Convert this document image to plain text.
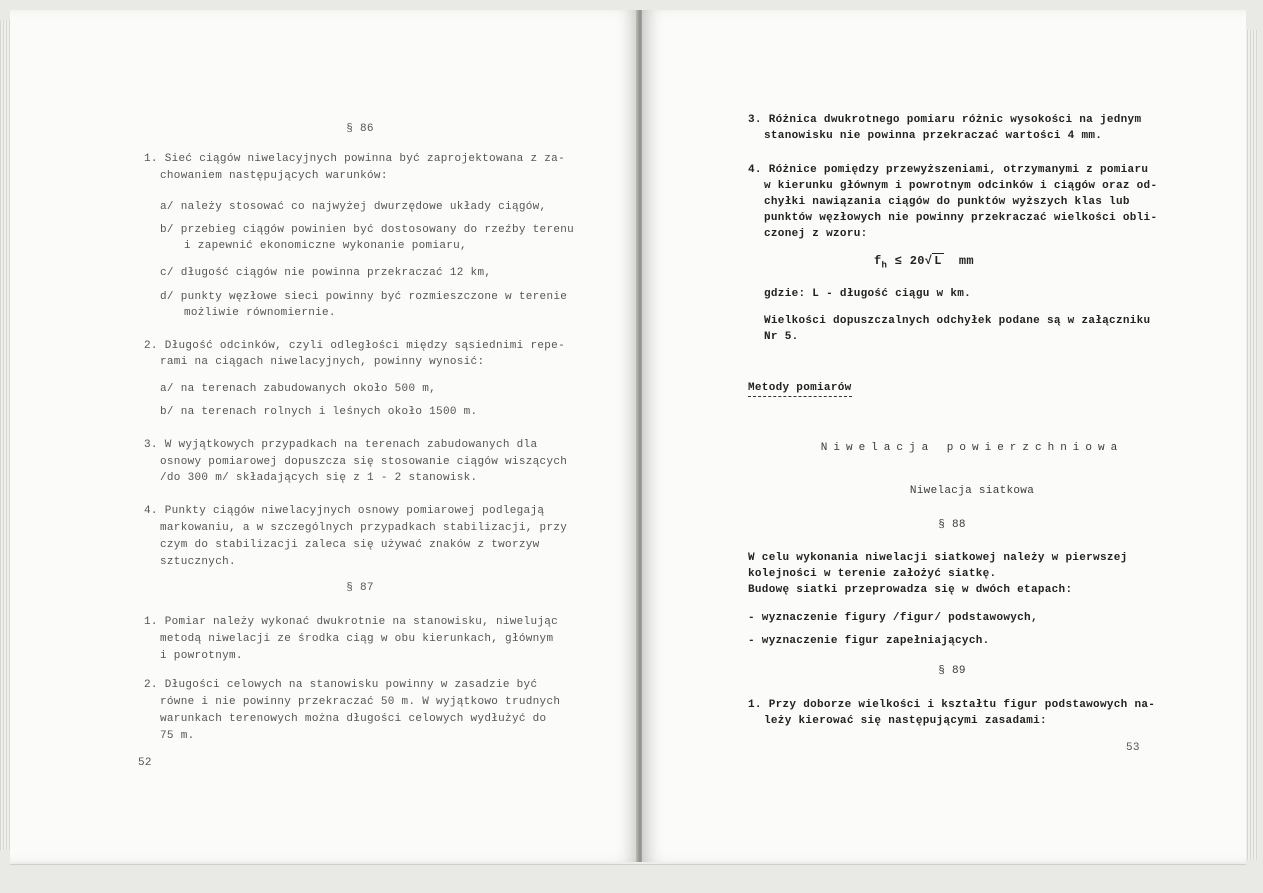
§ 86
1. Sieć ciągów niwelacyjnych powinna być zaprojektowana z za-
chowaniem następujących warunków:
a/ należy stosować co najwyżej dwurzędowe układy ciągów,
b/ przebieg ciągów powinien być dostosowany do rzeźby terenu
i zapewnić ekonomiczne wykonanie pomiaru,
c/ długość ciągów nie powinna przekraczać 12 km,
d/ punkty węzłowe sieci powinny być rozmieszczone w terenie
możliwie równomiernie.
2. Długość odcinków, czyli odległości między sąsiednimi repe-
rami na ciągach niwelacyjnych, powinny wynosić:
a/ na terenach zabudowanych około 500 m,
b/ na terenach rolnych i leśnych około 1500 m.
3. W wyjątkowych przypadkach na terenach zabudowanych dla
osnowy pomiarowej dopuszcza się stosowanie ciągów wiszących
/do 300 m/ składających się z 1 - 2 stanowisk.
4. Punkty ciągów niwelacyjnych osnowy pomiarowej podlegają
markowaniu, a w szczególnych przypadkach stabilizacji, przy
czym do stabilizacji zaleca się używać znaków z tworzyw
sztucznych.
§ 87
1. Pomiar należy wykonać dwukrotnie na stanowisku, niwelując
metodą niwelacji ze środka ciąg w obu kierunkach, głównym
i powrotnym.
2. Długości celowych na stanowisku powinny w zasadzie być
równe i nie powinny przekraczać 50 m. W wyjątkowo trudnych
warunkach terenowych można długości celowych wydłużyć do
75 m.
52
3. Różnica dwukrotnego pomiaru różnic wysokości na jednym
stanowisku nie powinna przekraczać wartości 4 mm.
4. Różnice pomiędzy przewyższeniami, otrzymanymi z pomiaru
w kierunku głównym i powrotnym odcinków i ciągów oraz od-
chyłki nawiązania ciągów do punktów wyższych klas lub
punktów węzłowych nie powinny przekraczać wielkości obli-
czonej z wzoru:
$f_h \le 20√$ L mm
gdzie: L - długość ciągu w km.
Wielkości dopuszczalnych odchyłek podane są w załączniku
Nr 5.
Metody pomiarów
Niwelacja powierzchniowa
Niwelacja siatkowa
§ 88
W celu wykonania niwelacji siatkowej należy w pierwszej
kolejności w terenie założyć siatkę.
Budowę siatki przeprowadza się w dwóch etapach:
- wyznaczenie figury /figur/ podstawowych,
- wyznaczenie figur zapełniających.
§ 89
1. Przy doborze wielkości i kształtu figur podstawowych na-
leży kierować się następującymi zasadami:
53
